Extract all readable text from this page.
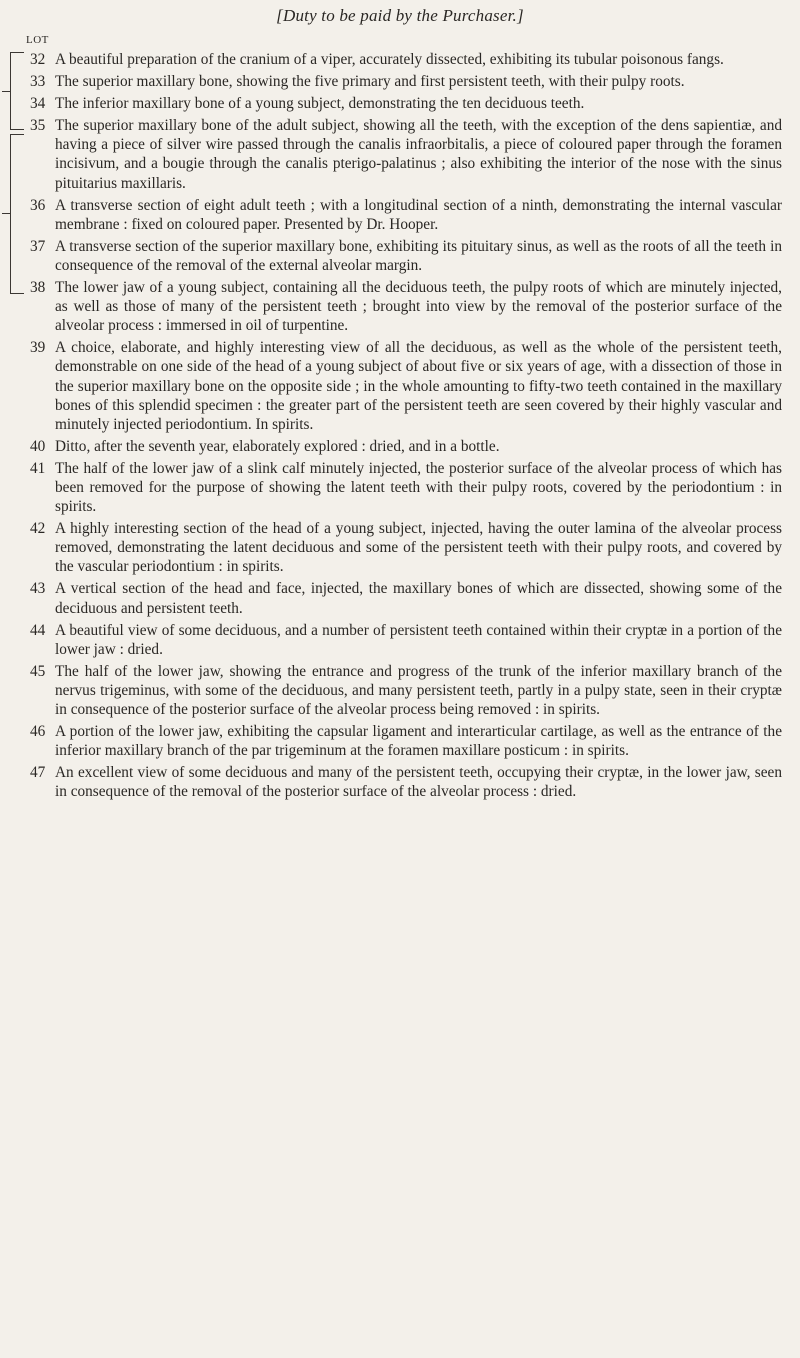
[Duty to be paid by the Purchaser.]
LOT
32 A beautiful preparation of the cranium of a viper, accurately dissected, exhibiting its tubular poisonous fangs.
33 The superior maxillary bone, showing the five primary and first persistent teeth, with their pulpy roots.
34 The inferior maxillary bone of a young subject, demonstrating the ten deciduous teeth.
35 The superior maxillary bone of the adult subject, showing all the teeth, with the exception of the dens sapientiæ, and having a piece of silver wire passed through the canalis infraorbitalis, a piece of coloured paper through the foramen incisivum, and a bougie through the canalis pterigo-palatinus ; also exhibiting the interior of the nose with the sinus pituitarius maxillaris.
36 A transverse section of eight adult teeth ; with a longitudinal section of a ninth, demonstrating the internal vascular membrane : fixed on coloured paper. Presented by Dr. Hooper.
37 A transverse section of the superior maxillary bone, exhibiting its pituitary sinus, as well as the roots of all the teeth in consequence of the removal of the external alveolar margin.
38 The lower jaw of a young subject, containing all the deciduous teeth, the pulpy roots of which are minutely injected, as well as those of many of the persistent teeth ; brought into view by the removal of the posterior surface of the alveolar process : immersed in oil of turpentine.
39 A choice, elaborate, and highly interesting view of all the deciduous, as well as the whole of the persistent teeth, demonstrable on one side of the head of a young subject of about five or six years of age, with a dissection of those in the superior maxillary bone on the opposite side ; in the whole amounting to fifty-two teeth contained in the maxillary bones of this splendid specimen : the greater part of the persistent teeth are seen covered by their highly vascular and minutely injected periodontium. In spirits.
40 Ditto, after the seventh year, elaborately explored : dried, and in a bottle.
41 The half of the lower jaw of a slink calf minutely injected, the posterior surface of the alveolar process of which has been removed for the purpose of showing the latent teeth with their pulpy roots, covered by the periodontium : in spirits.
42 A highly interesting section of the head of a young subject, injected, having the outer lamina of the alveolar process removed, demonstrating the latent deciduous and some of the persistent teeth with their pulpy roots, and covered by the vascular periodontium : in spirits.
43 A vertical section of the head and face, injected, the maxillary bones of which are dissected, showing some of the deciduous and persistent teeth.
44 A beautiful view of some deciduous, and a number of persistent teeth contained within their cryptæ in a portion of the lower jaw : dried.
45 The half of the lower jaw, showing the entrance and progress of the trunk of the inferior maxillary branch of the nervus trigeminus, with some of the deciduous, and many persistent teeth, partly in a pulpy state, seen in their cryptæ in consequence of the posterior surface of the alveolar process being removed : in spirits.
46 A portion of the lower jaw, exhibiting the capsular ligament and interarticular cartilage, as well as the entrance of the inferior maxillary branch of the par trigeminum at the foramen maxillare posticum : in spirits.
47 An excellent view of some deciduous and many of the persistent teeth, occupying their cryptæ, in the lower jaw, seen in consequence of the removal of the posterior surface of the alveolar process : dried.
